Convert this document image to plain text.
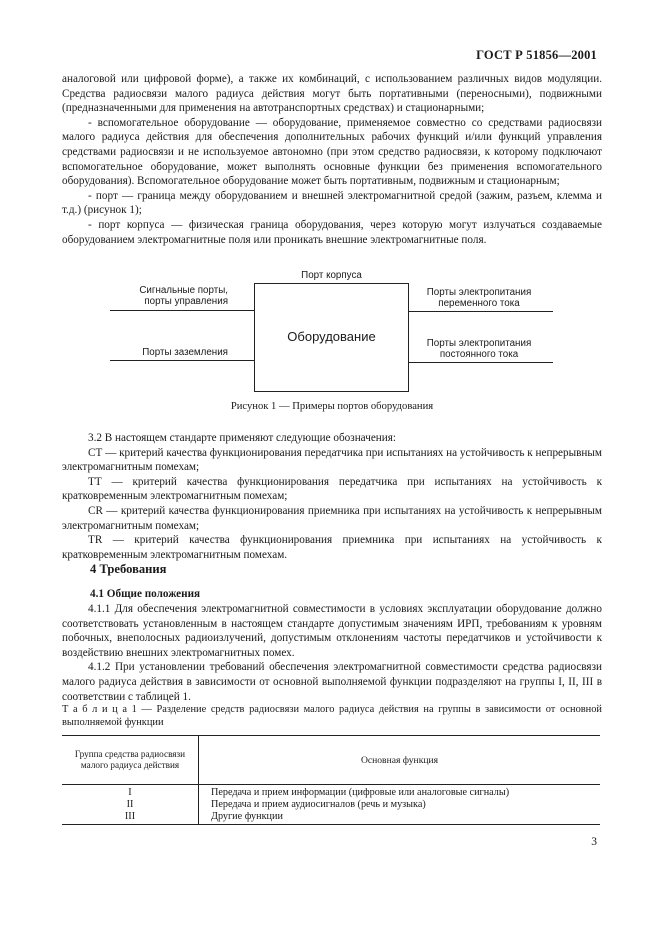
ГОСТ Р 51856—2001

аналоговой или цифровой форме), а также их комбинаций, с использованием различных видов модуляции. Средства радиосвязи малого радиуса действия могут быть портативными (переносными), подвижными (предназначенными для применения на автотранспортных средствах) и стационарными;

- вспомогательное оборудование — оборудование, применяемое совместно со средствами радиосвязи малого радиуса действия для обеспечения дополнительных рабочих функций и/или функций управления средствами радиосвязи и не используемое автономно (при этом средство радиосвязи, к которому подключают вспомогательное оборудование, может выполнять основные функции без применения вспомогательного оборудования). Вспомогательное оборудование может быть портативным, подвижным и стационарным;

- порт — граница между оборудованием и внешней электромагнитной средой (зажим, разъем, клемма и т.д.) (рисунок 1);

- порт корпуса — физическая граница оборудования, через которую могут излучаться создаваемые оборудованием электромагнитные поля или проникать внешние электромагнитные поля.

Оборудование
Порт корпуса
Сигнальные порты,
порты управления
Порты заземления
Порты электропитания
переменного тока
Порты электропитания
постоянного тока
Рисунок 1 — Примеры портов оборудования

3.2 В настоящем стандарте применяют следующие обозначения:

СТ — критерий качества функционирования передатчика при испытаниях на устойчивость к непрерывным электромагнитным помехам;

ТТ — критерий качества функционирования передатчика при испытаниях на устойчивость к кратковременным электромагнитным помехам;

CR — критерий качества функционирования приемника при испытаниях на устойчивость к непрерывным электромагнитным помехам;

TR — критерий качества функционирования приемника при испытаниях на устойчивость к кратковременным электромагнитным помехам.

4 Требования
4.1 Общие положения

4.1.1 Для обеспечения электромагнитной совместимости в условиях эксплуатации оборудование должно соответствовать установленным в настоящем стандарте допустимым значениям ИРП, требованиям к уровням побочных, внеполосных радиоизлучений, допустимым отклонениям частоты передатчиков и устойчивости к воздействию внешних электромагнитных помех.

4.1.2 При установлении требований обеспечения электромагнитной совместимости средства радиосвязи малого радиуса действия в зависимости от основной выполняемой функции подразделяют на группы I, II, III в соответствии с таблицей 1.

Т а б л и ц а 1 — Разделение средств радиосвязи малого радиуса действия на группы в зависимости от основной выполняемой функции
Группа средства радиосвязи малого радиуса действия	Основная функция
I	Передача и прием информации (цифровые или аналоговые сигналы)
II	Передача и прием аудиосигналов (речь и музыка)
III	Другие функции
3
